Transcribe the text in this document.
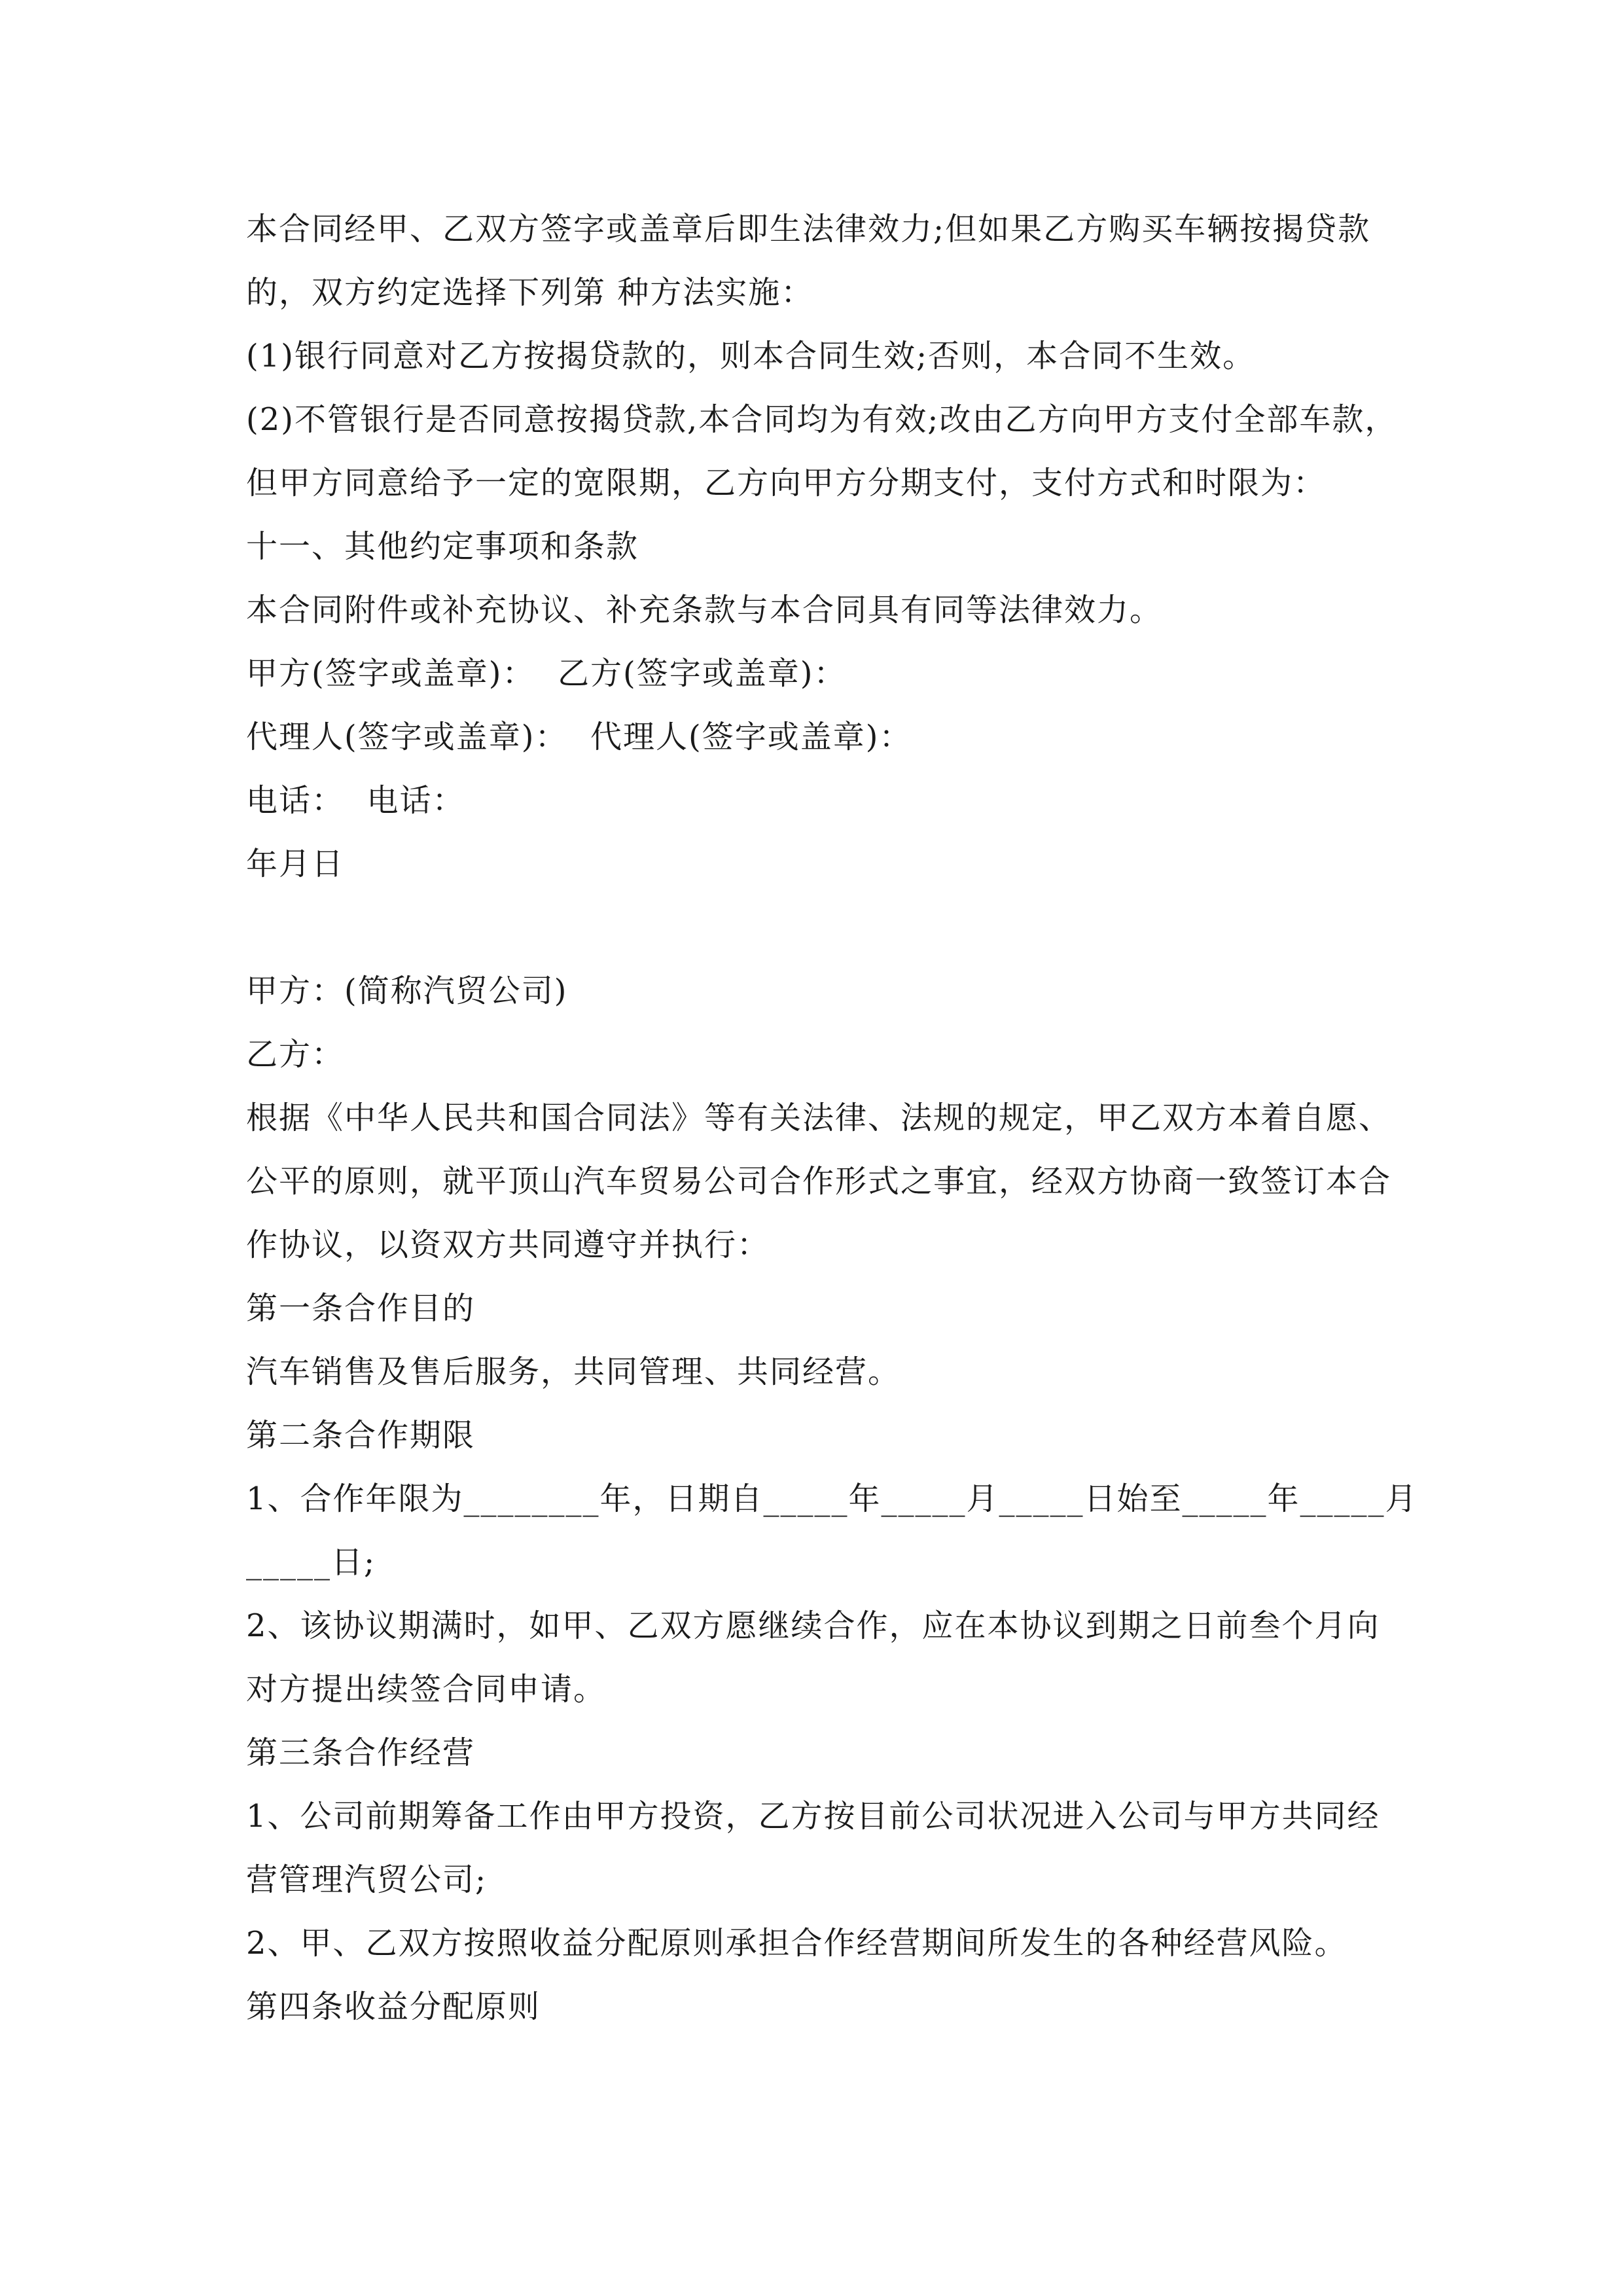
本合同经甲、乙双方签字或盖章后即生法律效力;但如果乙方购买车辆按揭贷款
的，双方约定选择下列第 种方法实施：
(1)银行同意对乙方按揭贷款的，则本合同生效;否则，本合同不生效。
(2)不管银行是否同意按揭贷款,本合同均为有效;改由乙方向甲方支付全部车款，
但甲方同意给予一定的宽限期，乙方向甲方分期支付，支付方式和时限为：
十一、其他约定事项和条款
本合同附件或补充协议、补充条款与本合同具有同等法律效力。
甲方(签字或盖章)：  乙方(签字或盖章)：
代理人(签字或盖章)：  代理人(签字或盖章)：
电话：  电话：
年月日
甲方：(简称汽贸公司)
乙方：
根据《中华人民共和国合同法》等有关法律、法规的规定，甲乙双方本着自愿、
公平的原则，就平顶山汽车贸易公司合作形式之事宜，经双方协商一致签订本合
作协议，以资双方共同遵守并执行：
第一条合作目的
汽车销售及售后服务，共同管理、共同经营。
第二条合作期限
1、合作年限为________年，日期自_____年_____月_____日始至_____年_____月
_____日;
2、该协议期满时，如甲、乙双方愿继续合作，应在本协议到期之日前叁个月向
对方提出续签合同申请。
第三条合作经营
1、公司前期筹备工作由甲方投资，乙方按目前公司状况进入公司与甲方共同经
营管理汽贸公司;
2、甲、乙双方按照收益分配原则承担合作经营期间所发生的各种经营风险。
第四条收益分配原则
